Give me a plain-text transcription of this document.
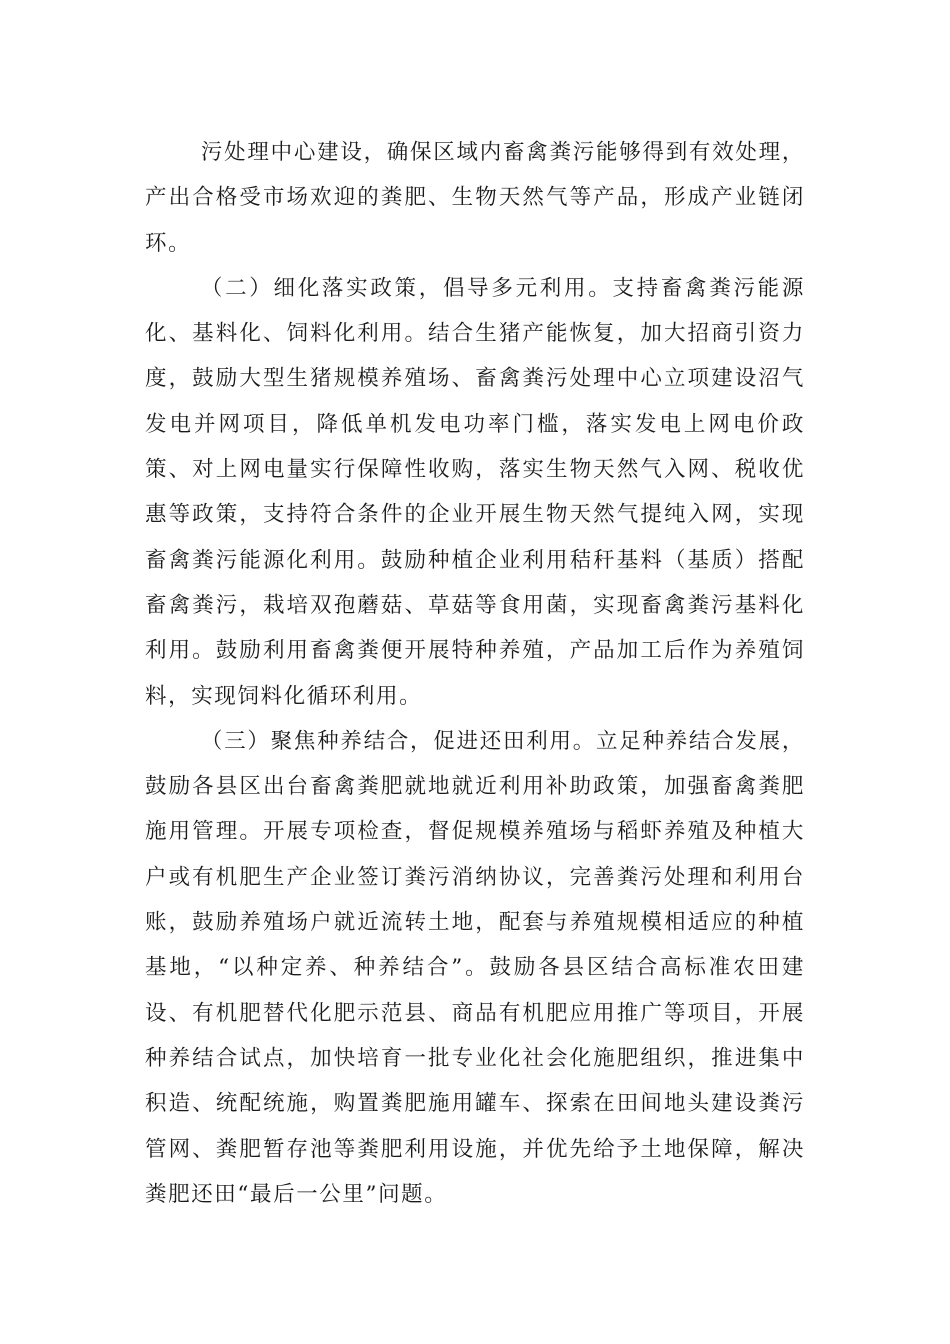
污处理中心建设，确保区域内畜禽粪污能够得到有效处理，产出合格受市场欢迎的粪肥、生物天然气等产品，形成产业链闭环。

（二）细化落实政策，倡导多元利用。支持畜禽粪污能源化、基料化、饲料化利用。结合生猪产能恢复，加大招商引资力度，鼓励大型生猪规模养殖场、畜禽粪污处理中心立项建设沼气发电并网项目，降低单机发电功率门槛，落实发电上网电价政策、对上网电量实行保障性收购，落实生物天然气入网、税收优惠等政策，支持符合条件的企业开展生物天然气提纯入网，实现畜禽粪污能源化利用。鼓励种植企业利用秸秆基料（基质）搭配畜禽粪污，栽培双孢蘑菇、草菇等食用菌，实现畜禽粪污基料化利用。鼓励利用畜禽粪便开展特种养殖，产品加工后作为养殖饲料，实现饲料化循环利用。

（三）聚焦种养结合，促进还田利用。立足种养结合发展，鼓励各县区出台畜禽粪肥就地就近利用补助政策，加强畜禽粪肥施用管理。开展专项检查，督促规模养殖场与稻虾养殖及种植大户或有机肥生产企业签订粪污消纳协议，完善粪污处理和利用台账，鼓励养殖场户就近流转土地，配套与养殖规模相适应的种植基地，“以种定养、种养结合”。鼓励各县区结合高标准农田建设、有机肥替代化肥示范县、商品有机肥应用推广等项目，开展种养结合试点，加快培育一批专业化社会化施肥组织，推进集中积造、统配统施，购置粪肥施用罐车、探索在田间地头建设粪污管网、粪肥暂存池等粪肥利用设施，并优先给予土地保障，解决粪肥还田“最后一公里”问题。
